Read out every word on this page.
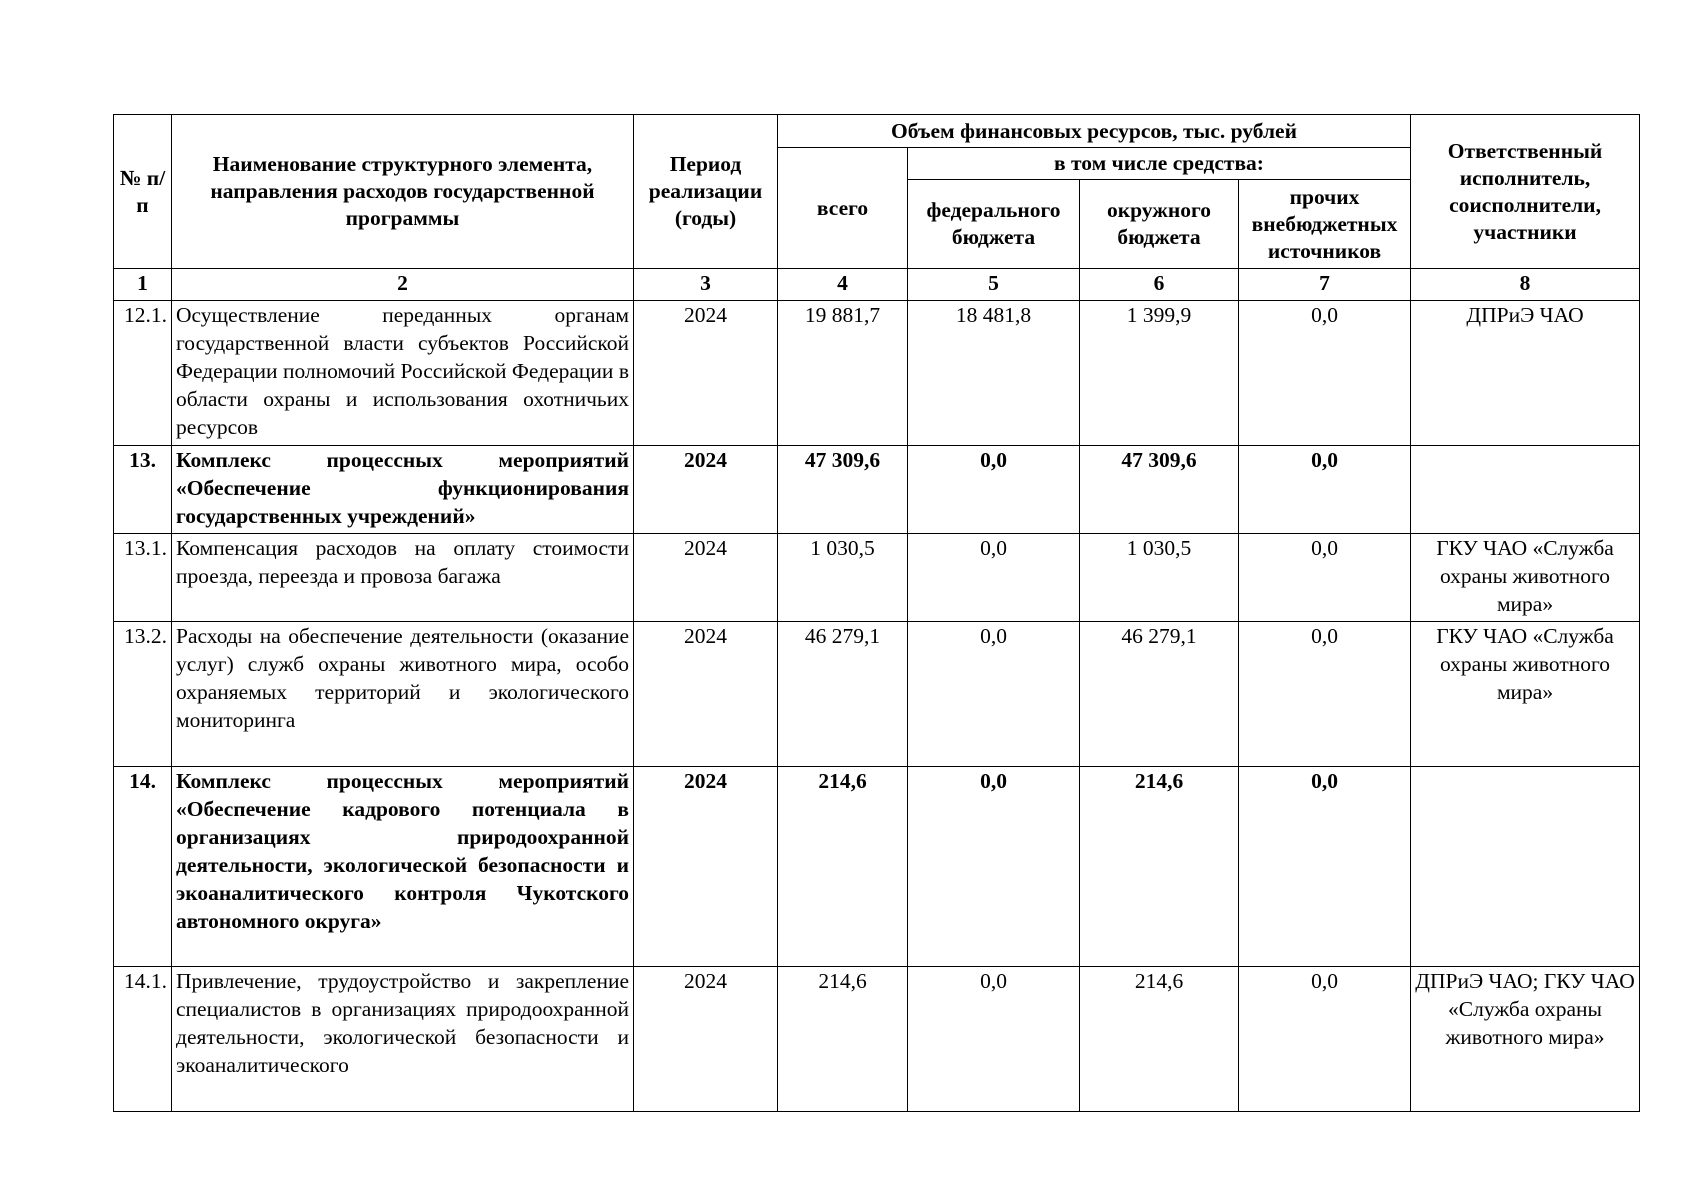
№ п/п	Наименование структурного элемента, направления расходов государственной программы	Период реализации (годы)	Объем финансовых ресурсов, тыс. рублей				Ответственный исполнитель, соисполнители, участники
			всего	в том числе средства:			
				федерального бюджета	окружного бюджета	прочих внебюджетных источников	
1	2	3	4	5	6	7	8
12.1.	Осуществление переданных органам государственной власти субъектов Российской Федерации полномочий Российской Федерации в области охраны и использования охотничьих ресурсов	2024	19 881,7	18 481,8	1 399,9	0,0	ДПРиЭ ЧАО
13.	Комплекс процессных мероприятий «Обеспечение функционирования государственных учреждений»	2024	47 309,6	0,0	47 309,6	0,0	
13.1.	Компенсация расходов на оплату стоимости проезда, переезда и провоза багажа	2024	1 030,5	0,0	1 030,5	0,0	ГКУ ЧАО «Служба охраны животного мира»
13.2.	Расходы на обеспечение деятельности (оказание услуг) служб охраны животного мира, особо охраняемых территорий и экологического мониторинга	2024	46 279,1	0,0	46 279,1	0,0	ГКУ ЧАО «Служба охраны животного мира»
14.	Комплекс процессных мероприятий «Обеспечение кадрового потенциала в организациях природоохранной деятельности, экологической безопасности и экоаналитического контроля Чукотского автономного округа»	2024	214,6	0,0	214,6	0,0	
14.1.	Привлечение, трудоустройство и закрепление специалистов в организациях природоохранной деятельности, экологической безопасности и экоаналитического	2024	214,6	0,0	214,6	0,0	ДПРиЭ ЧАО; ГКУ ЧАО «Служба охраны животного мира»
